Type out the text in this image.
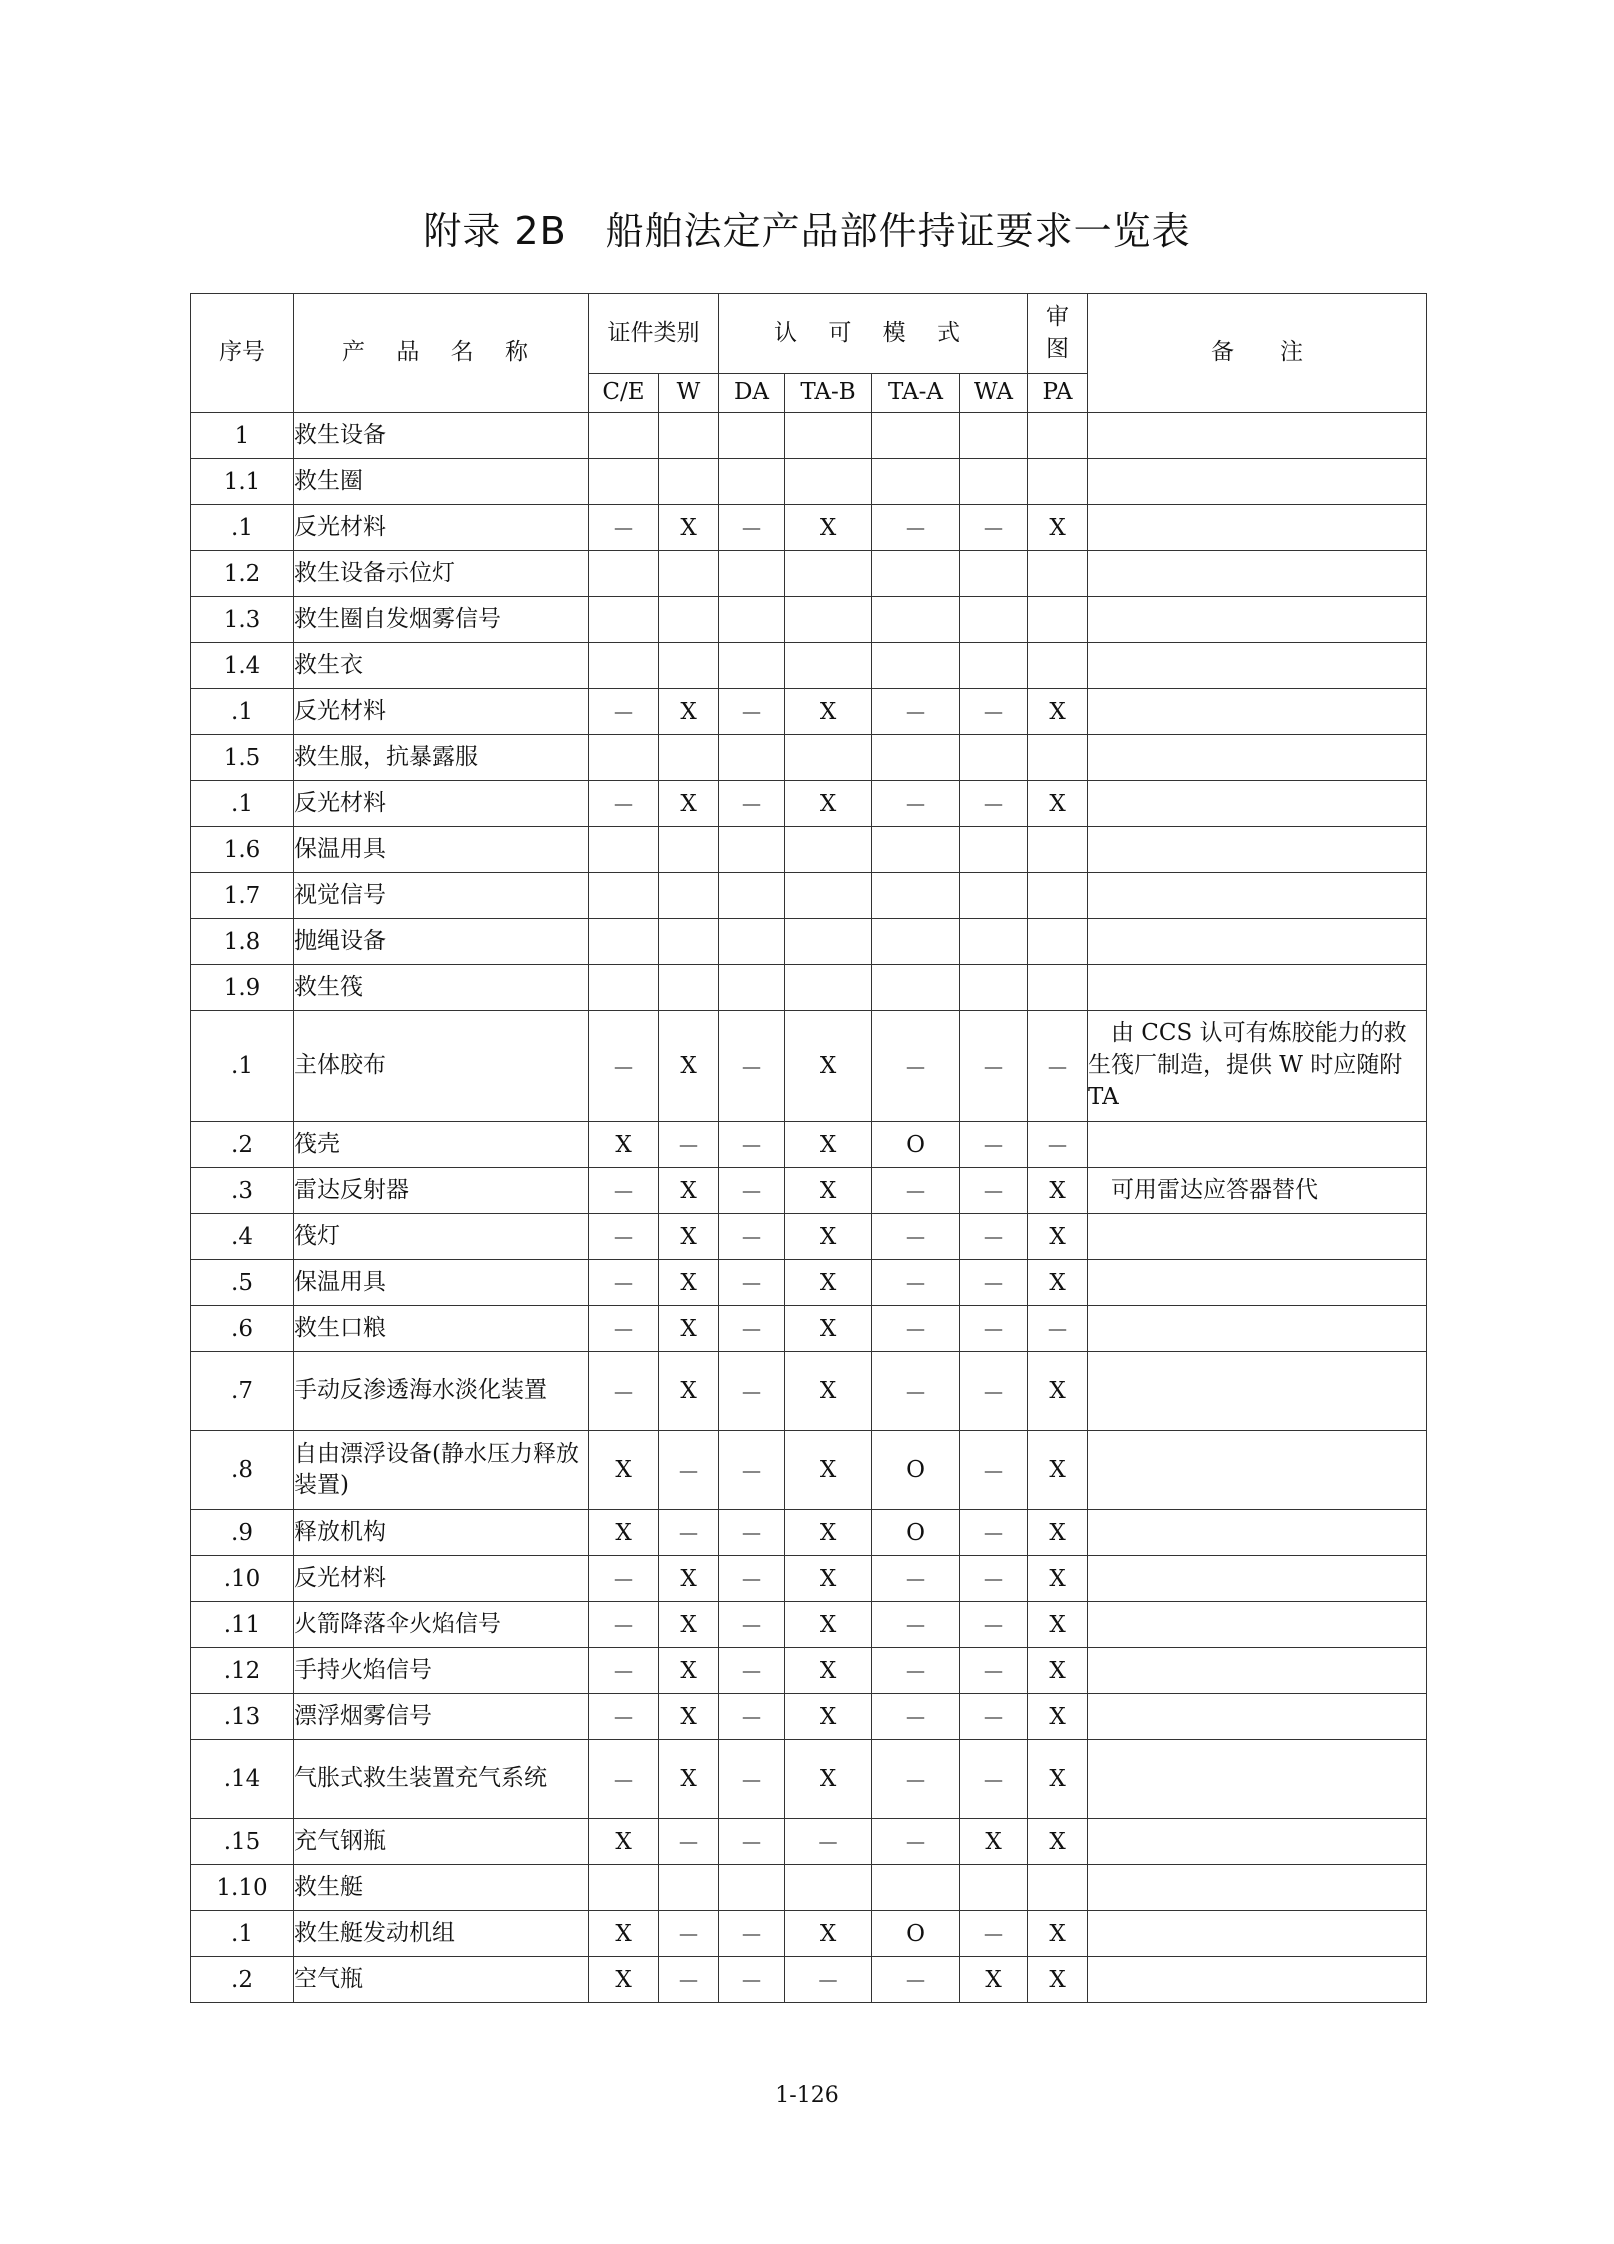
附录 2B　船舶法定产品部件持证要求一览表
序号	产 品 名 称	证件类别		认 可 模 式				审图	备　　注
		C/E	W	DA	TA-B	TA-A	WA	PA	
1	救生设备								
1.1	救生圈								
.1	反光材料	－	X	－	X	－	－	X	
1.2	救生设备示位灯								
1.3	救生圈自发烟雾信号								
1.4	救生衣								
.1	反光材料	－	X	－	X	－	－	X	
1.5	救生服，抗暴露服								
.1	反光材料	－	X	－	X	－	－	X	
1.6	保温用具								
1.7	视觉信号								
1.8	抛绳设备								
1.9	救生筏								
.1	主体胶布	－	X	－	X	－	－	－	　由 CCS 认可有炼胶能力的救生筏厂制造，提供 W 时应随附 TA
.2	筏壳	X	－	－	X	O	－	－	
.3	雷达反射器	－	X	－	X	－	－	X	　可用雷达应答器替代
.4	筏灯	－	X	－	X	－	－	X	
.5	保温用具	－	X	－	X	－	－	X	
.6	救生口粮	－	X	－	X	－	－	－	
.7	手动反渗透海水淡化装置	－	X	－	X	－	－	X	
.8	自由漂浮设备(静水压力释放装置)	X	－	－	X	O	－	X	
.9	释放机构	X	－	－	X	O	－	X	
.10	反光材料	－	X	－	X	－	－	X	
.11	火箭降落伞火焰信号	－	X	－	X	－	－	X	
.12	手持火焰信号	－	X	－	X	－	－	X	
.13	漂浮烟雾信号	－	X	－	X	－	－	X	
.14	气胀式救生装置充气系统	－	X	－	X	－	－	X	
.15	充气钢瓶	X	－	－	－	－	X	X	
1.10	救生艇								
.1	救生艇发动机组	X	－	－	X	O	－	X	
.2	空气瓶	X	－	－	－	－	X	X	
1-126
